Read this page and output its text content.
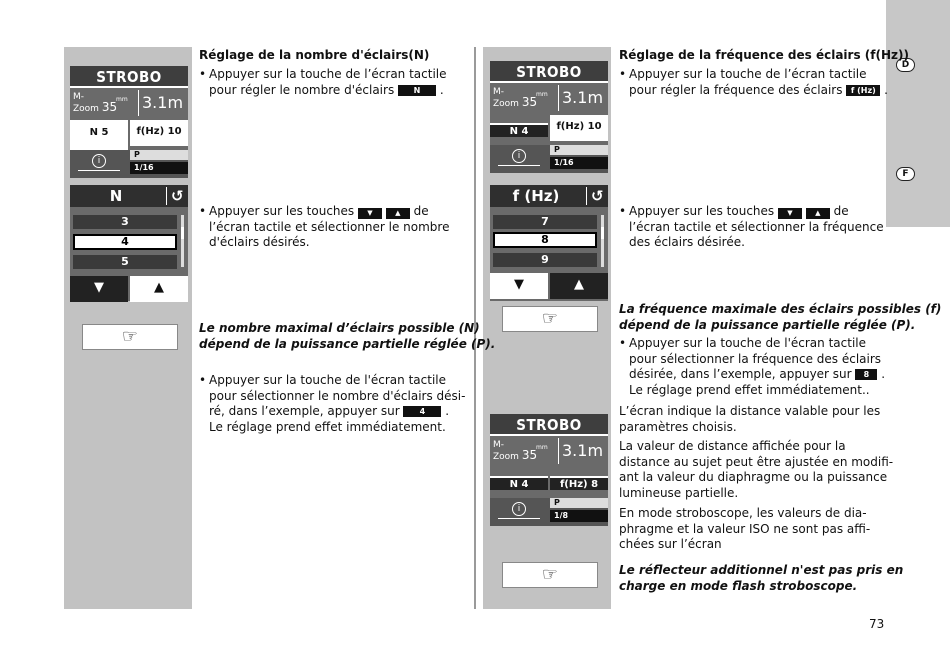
D
F
STROBO
M-
Zoom 35
mm 3.1m
N 5	f(Hz) 10
i
P
1/16
N	↺
3
4
5
▼	▲
☞
STROBO
M-
Zoom 35
mm 3.1m
N 4	f(Hz) 10
i
P
1/16
f (Hz)	↺
7
8
9
▼	▲
☞
STROBO
M-
Zoom 35
mm 3.1m
N 4	f(Hz) 8
i
P
1/8
☞
Réglage de la nombre d'éclairs(N)
• Appuyer sur la touche de l’écran tactile
pour régler le nombre d'éclairs N .
• Appuyer sur les touches ▼	▲ de
l’écran tactile et sélectionner le nombre
d'éclairs désirés.
Le nombre maximal d’éclairs possible (N)
dépend de la puissance partielle réglée (P).
• Appuyer sur la touche de l'écran tactile
pour sélectionner le nombre d'éclairs dési-
ré, dans l’exemple, appuyer sur	4 .
Le réglage prend effet immédiatement.
Réglage de la fréquence des éclairs (f(Hz))
• Appuyer sur la touche de l’écran tactile
pour régler la fréquence des éclairs f (Hz) .
• Appuyer sur les touches ▼	▲ de
l’écran tactile et sélectionner la fréquence
des éclairs désirée.
La fréquence maximale des éclairs possibles (f)
dépend de la puissance partielle réglée (P).
• Appuyer sur la touche de l'écran tactile
pour sélectionner la fréquence des éclairs
désirée, dans l’exemple, appuyer sur 8 .
Le réglage prend effet immédiatement..
L’écran indique la distance valable pour les
paramètres choisis.
La valeur de distance affichée pour la
distance au sujet peut être ajustée en modifi-
ant la valeur du diaphragme ou la puissance
lumineuse partielle.
En mode stroboscope, les valeurs de dia-
phragme et la valeur ISO ne sont pas affi-
chées sur l’écran
Le réflecteur additionnel n'est pas pris en
charge en mode flash stroboscope.
73
